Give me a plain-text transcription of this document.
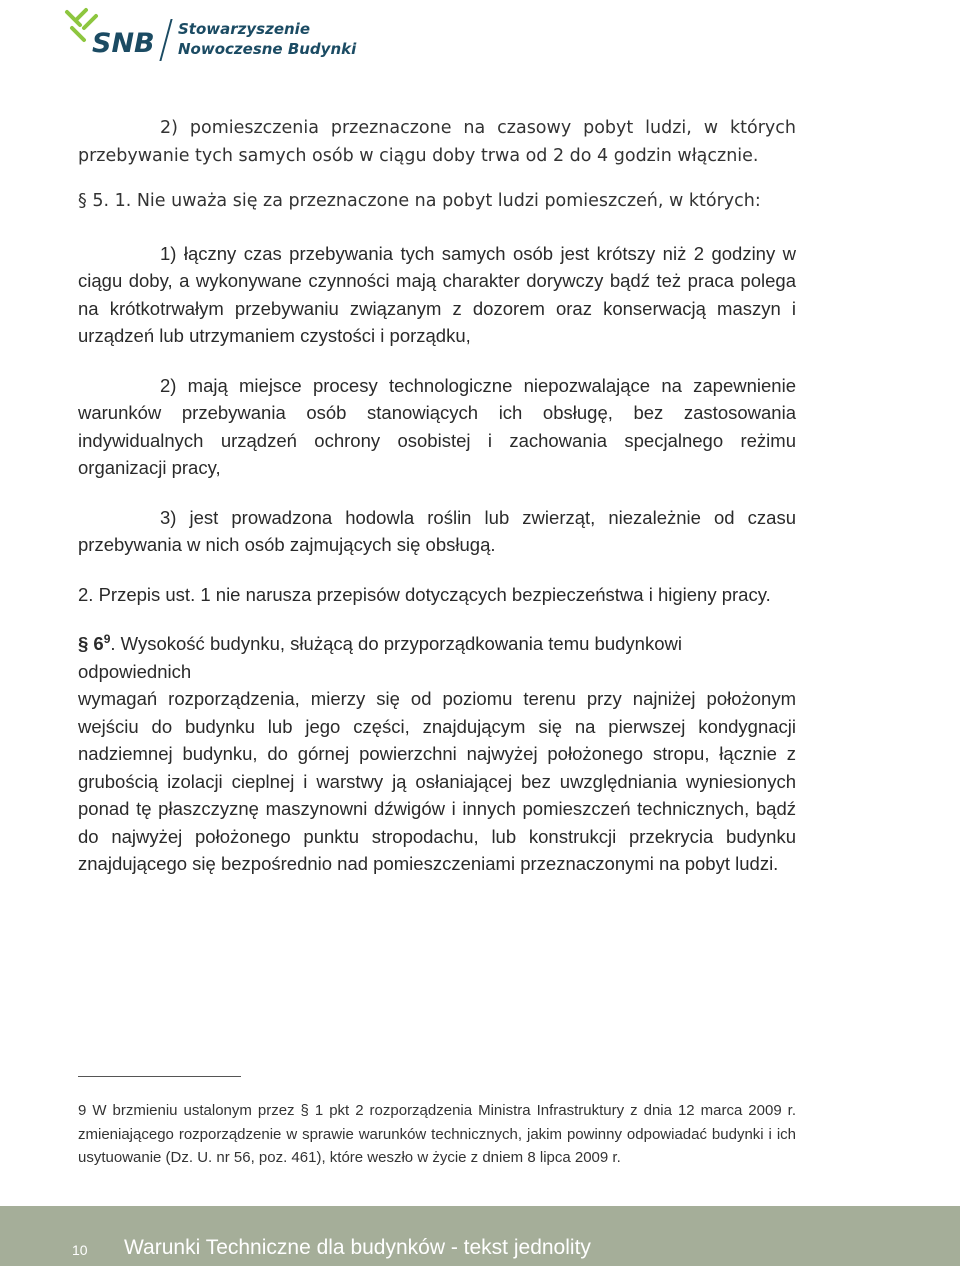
SNB Stowarzyszenie
Nowoczesne Budynki

2) pomieszczenia przeznaczone na czasowy pobyt ludzi, w których przebywanie tych samych osób w ciągu doby trwa od 2 do 4 godzin włącznie.

§ 5. 1. Nie uważa się za przeznaczone na pobyt ludzi pomieszczeń, w których:

1) łączny czas przebywania tych samych osób jest krótszy niż 2 godziny w ciągu doby, a wykonywane czynności mają charakter dorywczy bądź też praca polega na krótkotrwałym przebywaniu związanym z dozorem oraz konserwacją maszyn i urządzeń lub utrzymaniem czystości i porządku,

2) mają miejsce procesy technologiczne niepozwalające na zapewnienie warunków przebywania osób stanowiących ich obsługę, bez zastosowania indywidualnych urządzeń ochrony osobistej i zachowania specjalnego reżimu organizacji pracy,

3) jest prowadzona hodowla roślin lub zwierząt, niezależnie od czasu przebywania w nich osób zajmujących się obsługą.

2. Przepis ust. 1 nie narusza przepisów dotyczących bezpieczeństwa i higieny pracy.

§ $6^9$. Wysokość budynku, służącą do przyporządkowania temu budynkowi odpowiednich

wymagań rozporządzenia, mierzy się od poziomu terenu przy najniżej położonym wejściu do budynku lub jego części, znajdującym się na pierwszej kondygnacji nadziemnej budynku, do górnej powierzchni najwyżej położonego stropu, łącznie z grubością izolacji cieplnej i warstwy ją osłaniającej bez uwzględniania wyniesionych ponad tę płaszczyznę maszynowni dźwigów i innych pomieszczeń technicznych, bądź do najwyżej położonego punktu stropodachu, lub konstrukcji przekrycia budynku znajdującego się bezpośrednio nad pomieszczeniami przeznaczonymi na pobyt ludzi.

9 W brzmieniu ustalonym przez § 1 pkt 2 rozporządzenia Ministra Infrastruktury z dnia 12 marca 2009 r. zmieniającego rozporządzenie w sprawie warunków technicznych, jakim powinny odpowiadać budynki i ich usytuowanie (Dz. U. nr 56, poz. 461), które weszło w życie z dniem 8 lipca 2009 r.

10 Warunki Techniczne dla budynków - tekst jednolity
